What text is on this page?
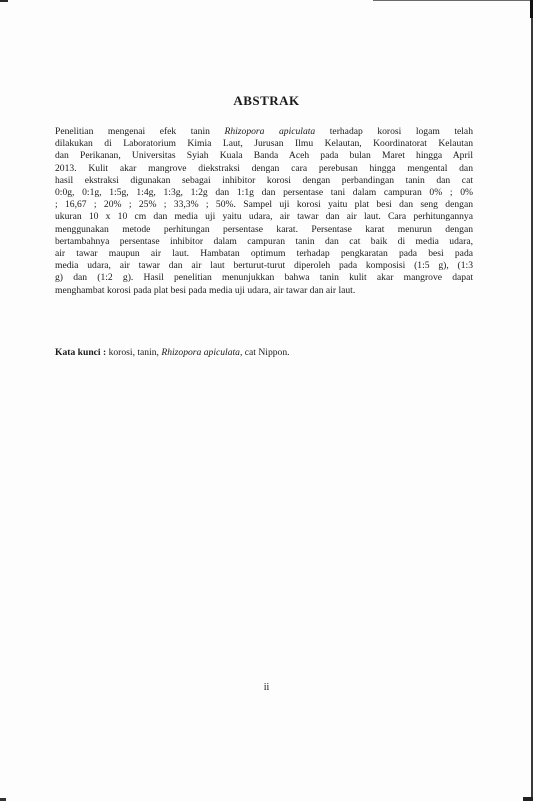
ABSTRAK

Penelitian mengenai efek tanin Rhizopora apiculata terhadap korosi logam telah
dilakukan di Laboratorium Kimia Laut, Jurusan Ilmu Kelautan, Koordinatorat Kelautan
dan Perikanan, Universitas Syiah Kuala Banda Aceh pada bulan Maret hingga April
2013. Kulit akar mangrove diekstraksi dengan cara perebusan hingga mengental dan
hasil ekstraksi digunakan sebagai inhibitor korosi dengan perbandingan tanin dan cat
0:0g, 0:1g, 1:5g, 1:4g, 1:3g, 1:2g dan 1:1g dan persentase tani dalam campuran 0% ; 0%
; 16,67 ; 20% ; 25% ; 33,3% ; 50%. Sampel uji korosi yaitu plat besi dan seng dengan
ukuran 10 x 10 cm dan media uji yaitu udara, air tawar dan air laut. Cara perhitungannya
menggunakan metode perhitungan persentase karat. Persentase karat menurun dengan
bertambahnya persentase inhibitor dalam campuran tanin dan cat baik di media udara,
air tawar maupun air laut. Hambatan optimum terhadap pengkaratan pada besi pada
media udara, air tawar dan air laut berturut-turut diperoleh pada komposisi (1:5 g), (1:3
g) dan (1:2 g). Hasil penelitian menunjukkan bahwa tanin kulit akar mangrove dapat
menghambat korosi pada plat besi pada media uji udara, air tawar dan air laut.

Kata kunci : korosi, tanin, Rhizopora apiculata, cat Nippon.

ii
